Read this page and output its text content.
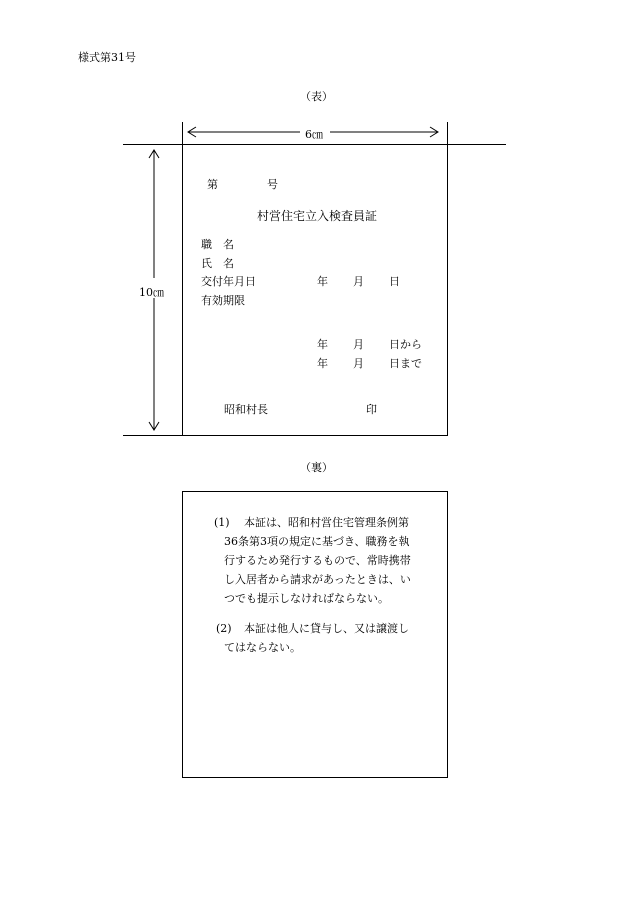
様式第31号
（表）
6㎝
10㎝
第	号
村営住宅立入検査員証
職　名
氏　名
交付年月日
有効期限
年 月 日
年 月 日から
年 月 日まで
昭和村長	印
（裏）
(1)	本証は、昭和村営住宅管理条例第
36条第3項の規定に基づき、職務を執
行するため発行するもので、常時携帯
し入居者から請求があったときは、い
つでも提示しなければならない。
(2)	本証は他人に貸与し、又は譲渡し
てはならない。
